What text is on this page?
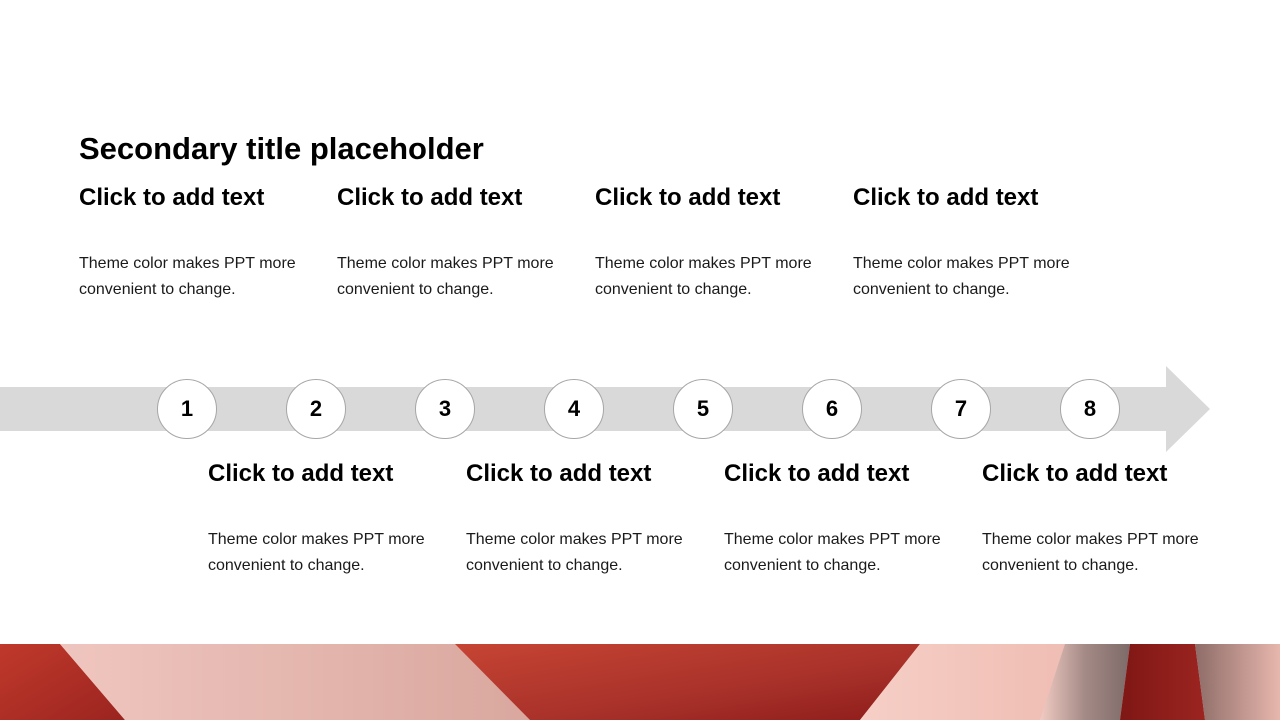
Secondary title placeholder
Click to add text
Theme color makes PPT more convenient to change.
Click to add text
Theme color makes PPT more convenient to change.
Click to add text
Theme color makes PPT more convenient to change.
Click to add text
Theme color makes PPT more convenient to change.
1	2	3	4	5	6	7	8
Click to add text
Theme color makes PPT more convenient to change.
Click to add text
Theme color makes PPT more convenient to change.
Click to add text
Theme color makes PPT more convenient to change.
Click to add text
Theme color makes PPT more convenient to change.
